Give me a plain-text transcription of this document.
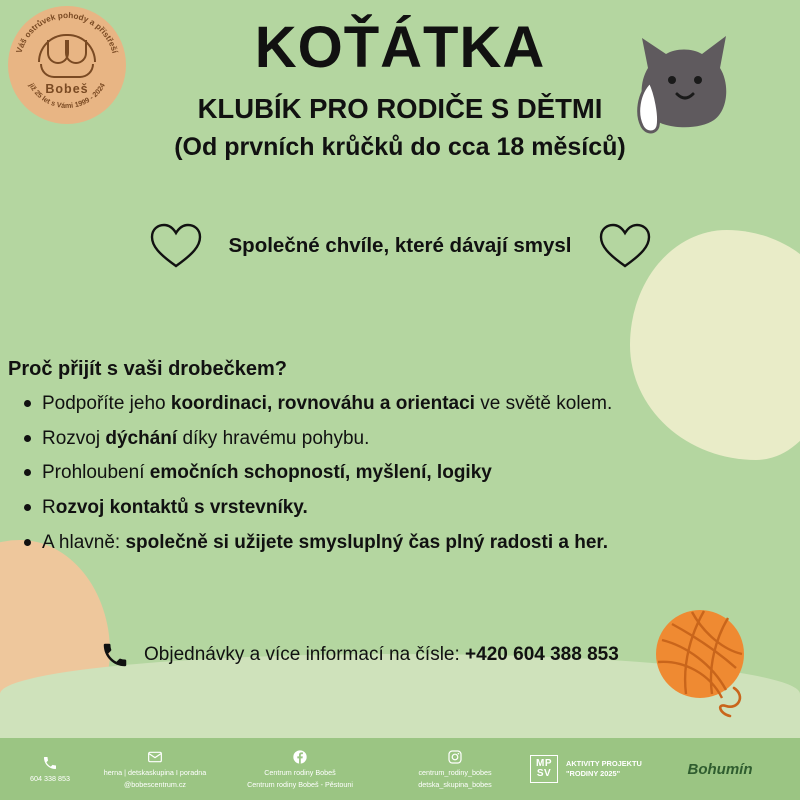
Váš ostrůvek pohody a přístřeší
již 25 let s Vámi 1999 - 2024
Bobeš
KOŤÁTKA
KLUBÍK PRO RODIČE S DĚTMI
(Od prvních krůčků do cca 18 měsíců)
Společné chvíle, které dávají smysl
Proč přijít s vaši drobečkem?
Podpoříte jeho koordinaci, rovnováhu a orientaci ve světě kolem.
Rozvoj dýchání díky hravému pohybu.
Prohloubení emočních schopností, myšlení, logiky
Rozvoj kontaktů s vrstevníky.
A hlavně: společně si užijete smysluplný čas plný radosti a her.
Objednávky a více informací na čísle: +420 604 388 853
604 338 853
herna | detskaskupina I poradna
@bobescentrum.cz
Centrum rodiny Bobeš
Centrum rodiny Bobeš - Pěstouni
centrum_rodiny_bobes
detska_skupina_bobes
MP
SV
AKTIVITY PROJEKTU
"RODINY 2025"	Bohumín
